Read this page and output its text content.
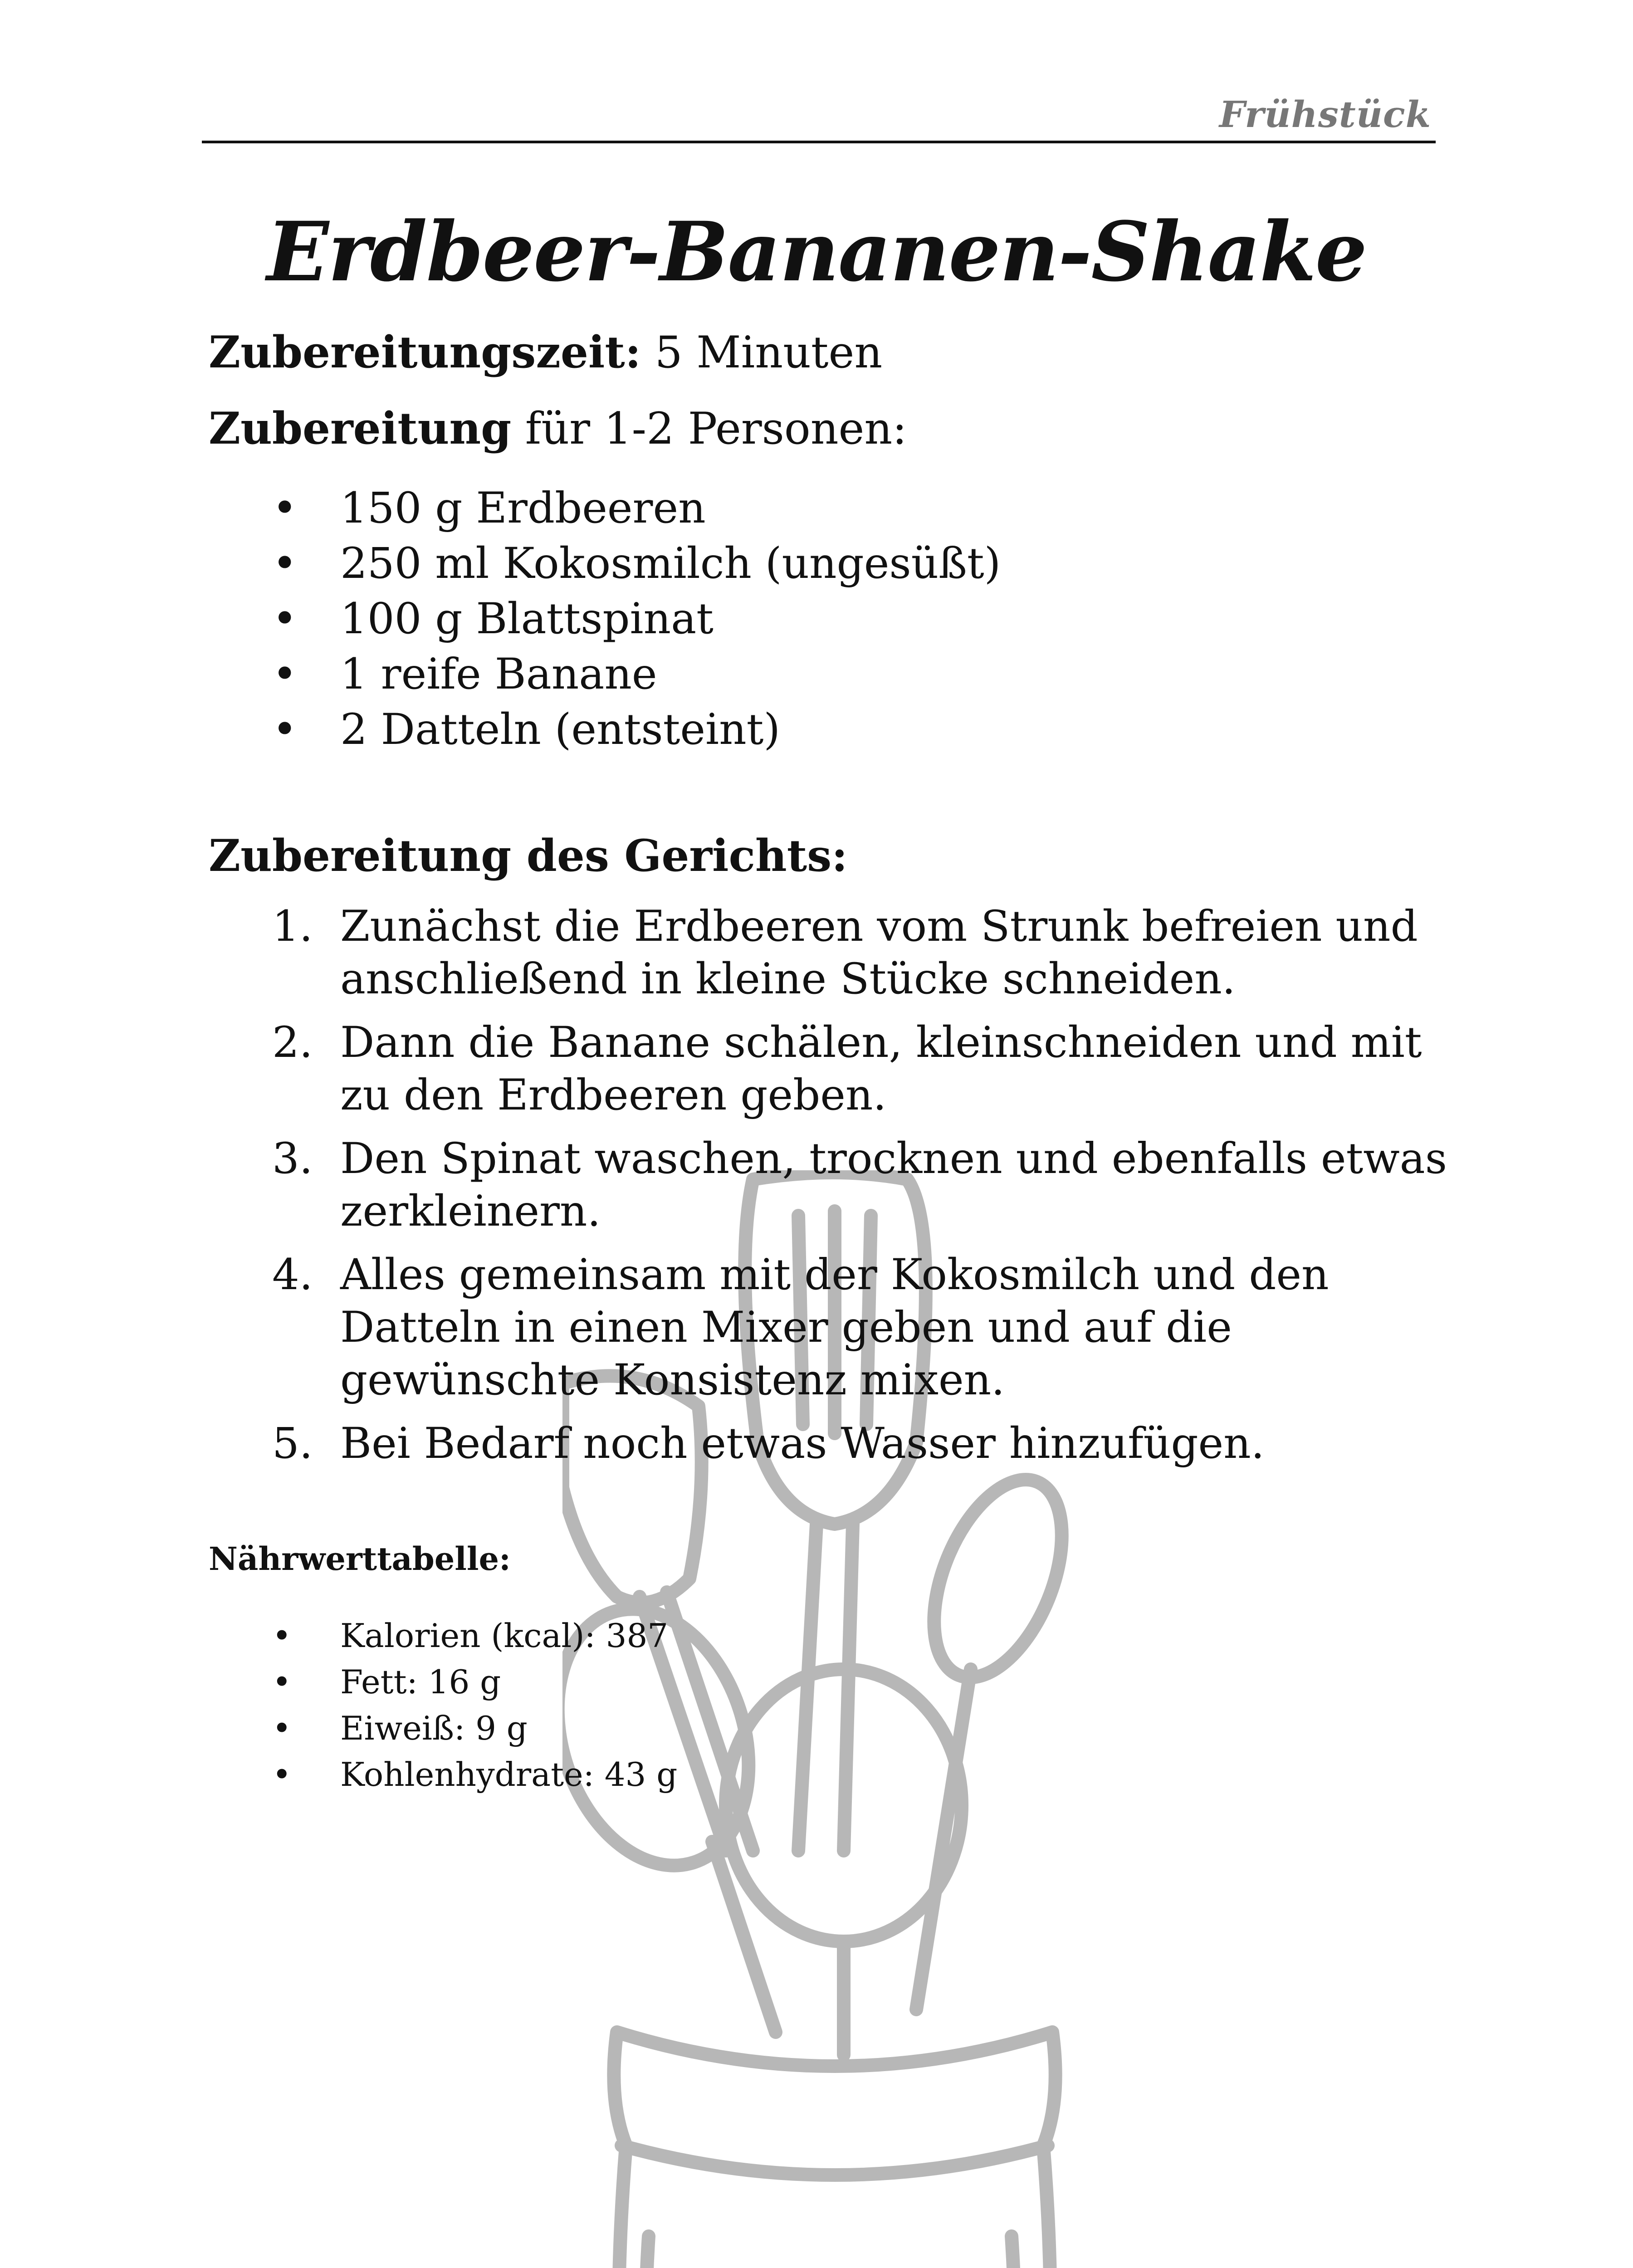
Frühstück
Erdbeer-Bananen-Shake
Zubereitungszeit: 5 Minuten
Zubereitung für 1-2 Personen:
• 150 g Erdbeeren
• 250 ml Kokosmilch (ungesüßt)
• 100 g Blattspinat
• 1 reife Banane
• 2 Datteln (entsteint)
Zubereitung des Gerichts:
1. Zunächst die Erdbeeren vom Strunk befreien und anschließend in kleine Stücke schneiden.
2. Dann die Banane schälen, kleinschneiden und mit zu den Erdbeeren geben.
3. Den Spinat waschen, trocknen und ebenfalls etwas zerkleinern.
4. Alles gemeinsam mit der Kokosmilch und den Datteln in einen Mixer geben und auf die gewünschte Konsistenz mixen.
5. Bei Bedarf noch etwas Wasser hinzufügen.
Nährwerttabelle:
• Kalorien (kcal): 387
• Fett: 16 g
• Eiweiß: 9 g
• Kohlenhydrate: 43 g
